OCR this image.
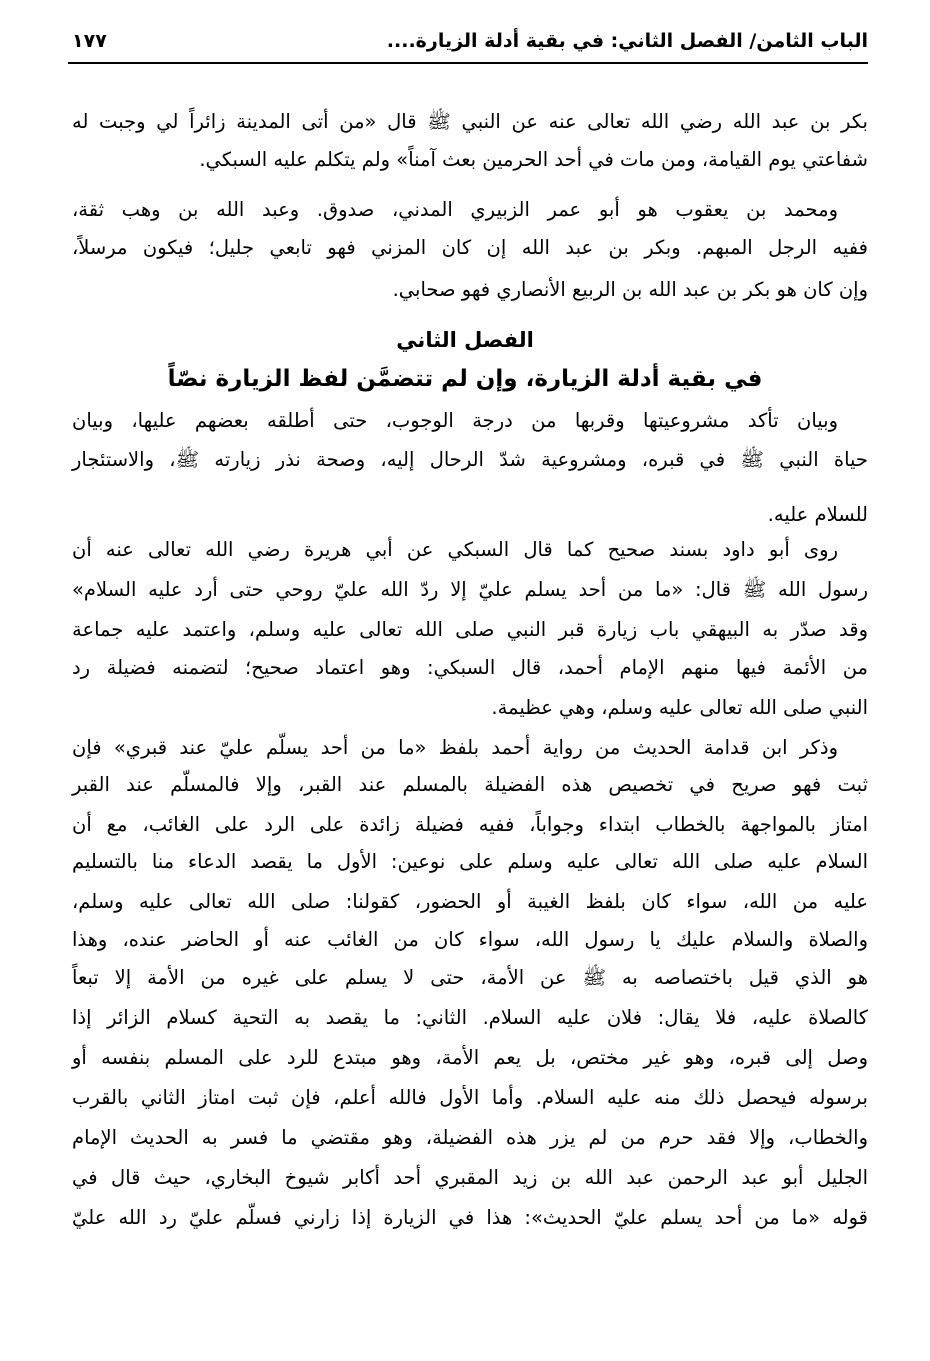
الباب الثامن/ الفصل الثاني: في بقية أدلة الزيارة....
١٧٧
بكر بن عبد الله رضي الله تعالى عنه عن النبي ﷺ قال «من أتى المدينة زائراً لي وجبت له
شفاعتي يوم القيامة، ومن مات في أحد الحرمين بعث آمناً» ولم يتكلم عليه السبكي.
ومحمد بن يعقوب هو أبو عمر الزبيري المدني، صدوق. وعبد الله بن وهب ثقة،
ففيه الرجل المبهم. وبكر بن عبد الله إن كان المزني فهو تابعي جليل؛ فيكون مرسلاً،
وإن كان هو بكر بن عبد الله بن الربيع الأنصاري فهو صحابي.
الفصل الثاني
في بقية أدلة الزيارة، وإن لم تتضمَّن لفظ الزيارة نصّاً
وبيان تأكد مشروعيتها وقربها من درجة الوجوب، حتى أطلقه بعضهم عليها، وبيان
حياة النبي ﷺ في قبره، ومشروعية شدّ الرحال إليه، وصحة نذر زيارته ﷺ، والاستئجار
للسلام عليه.
روى أبو داود بسند صحيح كما قال السبكي عن أبي هريرة رضي الله تعالى عنه أن
رسول الله ﷺ قال: «ما من أحد يسلم عليّ إلا ردّ الله عليّ روحي حتى أرد عليه السلام»
وقد صدّر به البيهقي باب زيارة قبر النبي صلى الله تعالى عليه وسلم، واعتمد عليه جماعة
من الأئمة فيها منهم الإمام أحمد، قال السبكي: وهو اعتماد صحيح؛ لتضمنه فضيلة رد
النبي صلى الله تعالى عليه وسلم، وهي عظيمة.
وذكر ابن قدامة الحديث من رواية أحمد بلفظ «ما من أحد يسلّم عليّ عند قبري» فإن
ثبت فهو صريح في تخصيص هذه الفضيلة بالمسلم عند القبر، وإلا فالمسلّم عند القبر
امتاز بالمواجهة بالخطاب ابتداء وجواباً، ففيه فضيلة زائدة على الرد على الغائب، مع أن
السلام عليه صلى الله تعالى عليه وسلم على نوعين: الأول ما يقصد الدعاء منا بالتسليم
عليه من الله، سواء كان بلفظ الغيبة أو الحضور، كقولنا: صلى الله تعالى عليه وسلم،
والصلاة والسلام عليك يا رسول الله، سواء كان من الغائب عنه أو الحاضر عنده، وهذا
هو الذي قيل باختصاصه به ﷺ عن الأمة، حتى لا يسلم على غيره من الأمة إلا تبعاً
كالصلاة عليه، فلا يقال: فلان عليه السلام. الثاني: ما يقصد به التحية كسلام الزائر إذا
وصل إلى قبره، وهو غير مختص، بل يعم الأمة، وهو مبتدع للرد على المسلم بنفسه أو
برسوله فيحصل ذلك منه عليه السلام. وأما الأول فالله أعلم، فإن ثبت امتاز الثاني بالقرب
والخطاب، وإلا فقد حرم من لم يزر هذه الفضيلة، وهو مقتضي ما فسر به الحديث الإمام
الجليل أبو عبد الرحمن عبد الله بن زيد المقبري أحد أكابر شيوخ البخاري، حيث قال في
قوله «ما من أحد يسلم عليّ الحديث»: هذا في الزيارة إذا زارني فسلّم عليّ رد الله عليّ
